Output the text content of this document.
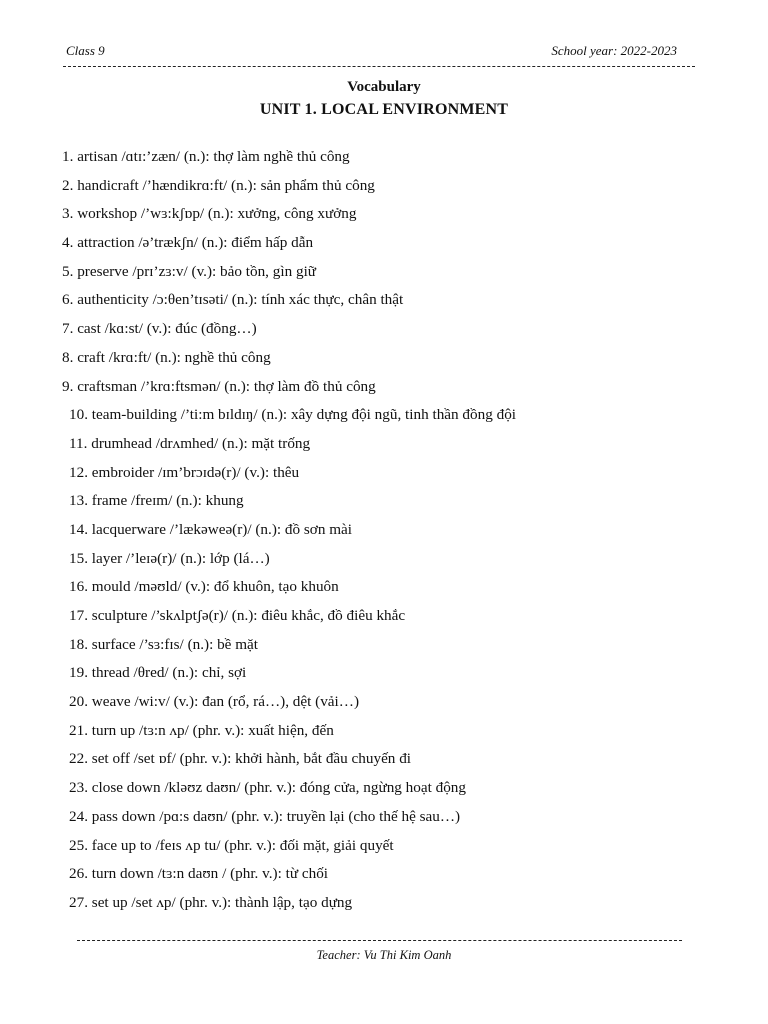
Class 9	School year: 2022-2023
Vocabulary
UNIT 1. LOCAL ENVIRONMENT
1. artisan /ɑtɪ:’zæn/ (n.): thợ làm nghề thủ công
2. handicraft /’hændikrɑ:ft/ (n.): sản phẩm thủ công
3. workshop /’wɜ:kʃɒp/ (n.): xưởng, công xưởng
4. attraction /ə’trækʃn/ (n.): điểm hấp dẫn
5. preserve /prɪ’zɜ:v/ (v.): bảo tồn, gìn giữ
6. authenticity /ɔ:θen’tɪsəti/ (n.): tính xác thực, chân thật
7. cast /kɑ:st/ (v.): đúc (đồng…)
8. craft /krɑ:ft/ (n.): nghề thủ công
9. craftsman /’krɑ:ftsmən/ (n.): thợ làm đồ thủ công
10. team-building /’ti:m bɪldɪŋ/ (n.): xây dựng đội ngũ, tinh thần đồng đội
11. drumhead /drʌmhed/ (n.): mặt trống
12. embroider /ɪm’brɔɪdə(r)/ (v.): thêu
13. frame /freɪm/ (n.): khung
14. lacquerware /’lækəweə(r)/ (n.): đồ sơn mài
15. layer /’leɪə(r)/ (n.): lớp (lá…)
16. mould /məʊld/ (v.): đổ khuôn, tạo khuôn
17. sculpture /’skʌlptʃə(r)/ (n.): điêu khắc, đồ điêu khắc
18. surface /’sɜ:fɪs/ (n.): bề mặt
19. thread /θred/ (n.): chỉ, sợi
20. weave /wi:v/ (v.): đan (rổ, rá…), dệt (vải…)
21. turn up /tɜ:n ʌp/ (phr. v.): xuất hiện, đến
22. set off /set ɒf/ (phr. v.): khởi hành, bắt đầu chuyến đi
23. close down /kləʊz daʊn/ (phr. v.): đóng cửa, ngừng hoạt động
24. pass down /pɑ:s daʊn/ (phr. v.): truyền lại (cho thế hệ sau…)
25. face up to /feɪs ʌp tu/ (phr. v.): đối mặt, giải quyết
26. turn down /tɜ:n daʊn / (phr. v.): từ chối
27. set up /set ʌp/ (phr. v.): thành lập, tạo dựng
Teacher: Vu Thi Kim Oanh
